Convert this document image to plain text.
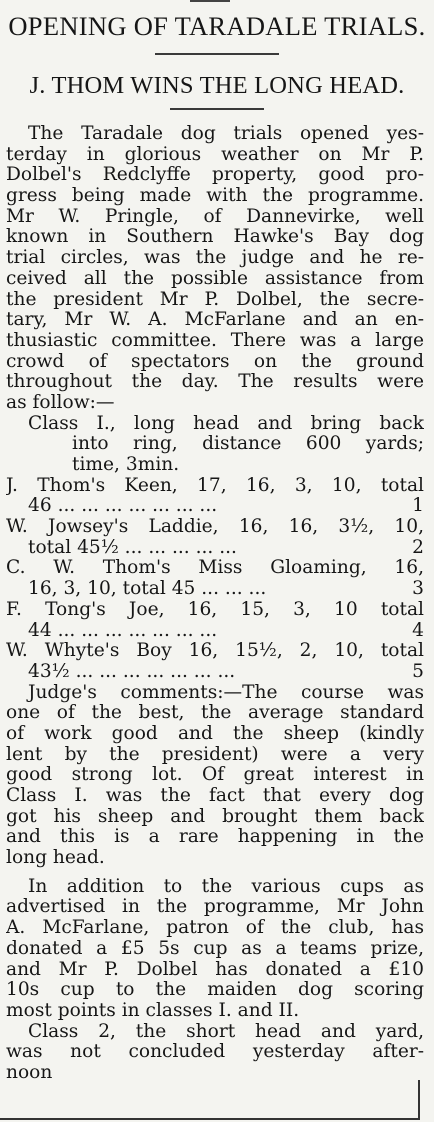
OPENING OF TARADALE TRIALS.
J. THOM WINS THE LONG HEAD.
The Taradale dog trials opened yes-
terday in glorious weather on Mr P.
Dolbel's Redclyffe property, good pro-
gress being made with the programme.
Mr W. Pringle, of Dannevirke, well
known in Southern Hawke's Bay dog
trial circles, was the judge and he re-
ceived all the possible assistance from
the president Mr P. Dolbel, the secre-
tary, Mr W. A. McFarlane and an en-
thusiastic committee. There was a large
crowd of spectators on the ground
throughout the day. The results were
as follow:—
Class I., long head and bring back
into ring, distance 600 yards;
time, 3min.
J. Thom's Keen, 17, 16, 3, 10, total
46 ... ... ... ... ... ... ...	1
W. Jowsey's Laddie, 16, 16, 3½, 10,
total 45½ ... ... ... ... ...	2
C. W. Thom's Miss Gloaming, 16,
16, 3, 10, total 45 ... ... ...	3
F. Tong's Joe, 16, 15, 3, 10 total
44 ... ... ... ... ... ... ...	4
W. Whyte's Boy 16, 15½, 2, 10, total
43½ ... ... ... ... ... ... ...	5
Judge's comments:—The course was
one of the best, the average standard
of work good and the sheep (kindly
lent by the president) were a very
good strong lot. Of great interest in
Class I. was the fact that every dog
got his sheep and brought them back
and this is a rare happening in the
long head.
In addition to the various cups as
advertised in the programme, Mr John
A. McFarlane, patron of the club, has
donated a £5 5s cup as a teams prize,
and Mr P. Dolbel has donated a £10
10s cup to the maiden dog scoring
most points in classes I. and II.
Class 2, the short head and yard,
was not concluded yesterday after-
noon
